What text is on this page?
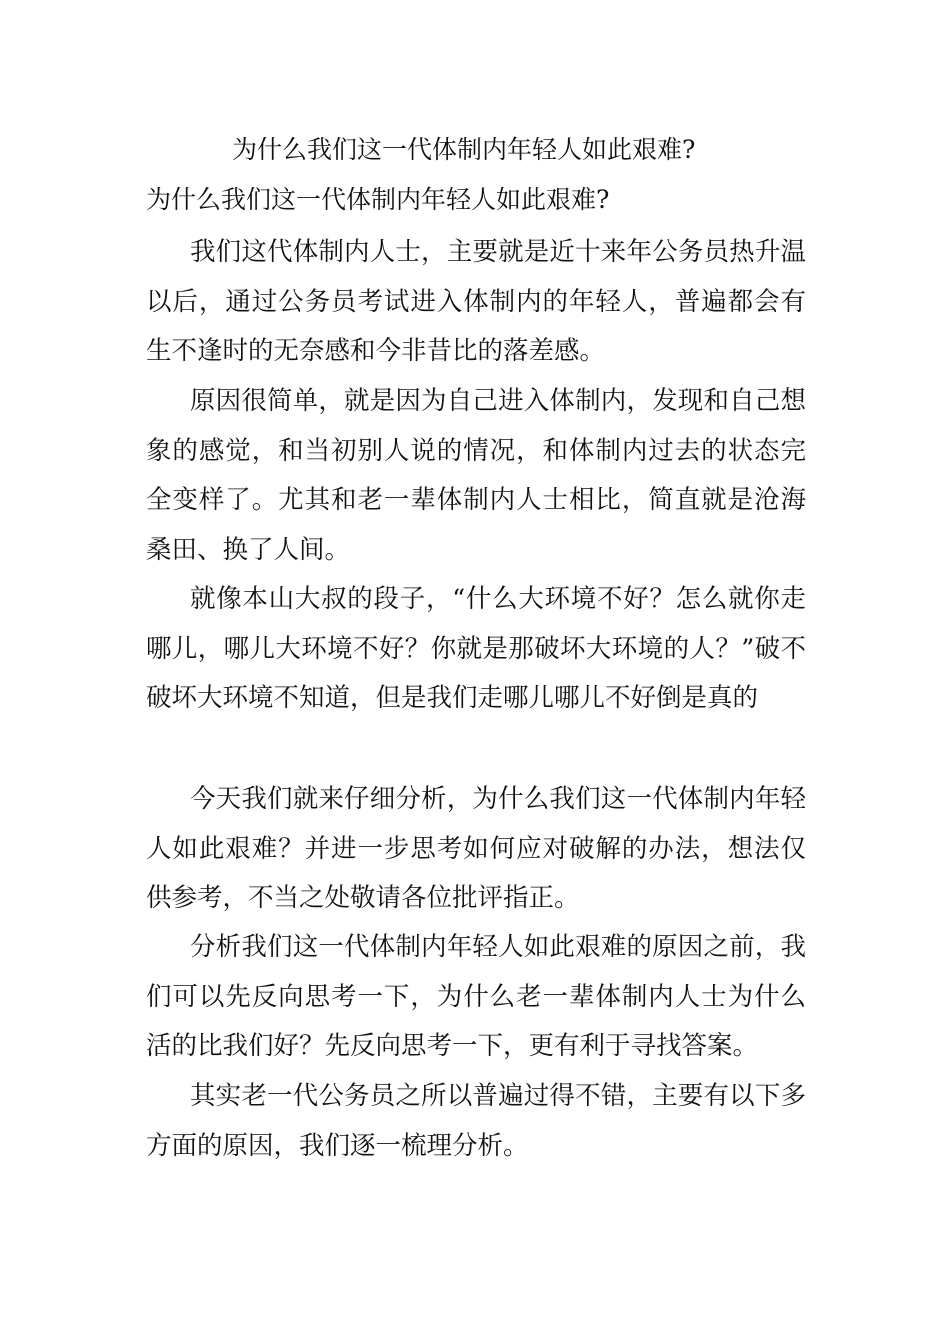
为什么我们这一代体制内年轻人如此艰难?
为什么我们这一代体制内年轻人如此艰难?

我们这代体制内人士，主要就是近十来年公务员热升温以后，通过公务员考试进入体制内的年轻人，普遍都会有生不逢时的无奈感和今非昔比的落差感。

原因很简单，就是因为自己进入体制内，发现和自己想象的感觉，和当初别人说的情况，和体制内过去的状态完全变样了。尤其和老一辈体制内人士相比，简直就是沧海桑田、换了人间。

就像本山大叔的段子，“什么大环境不好？怎么就你走哪儿，哪儿大环境不好？你就是那破坏大环境的人？”破不破坏大环境不知道，但是我们走哪儿哪儿不好倒是真的

今天我们就来仔细分析，为什么我们这一代体制内年轻人如此艰难？并进一步思考如何应对破解的办法，想法仅供参考，不当之处敬请各位批评指正。

分析我们这一代体制内年轻人如此艰难的原因之前，我们可以先反向思考一下，为什么老一辈体制内人士为什么活的比我们好？先反向思考一下，更有利于寻找答案。

其实老一代公务员之所以普遍过得不错，主要有以下多方面的原因，我们逐一梳理分析。
